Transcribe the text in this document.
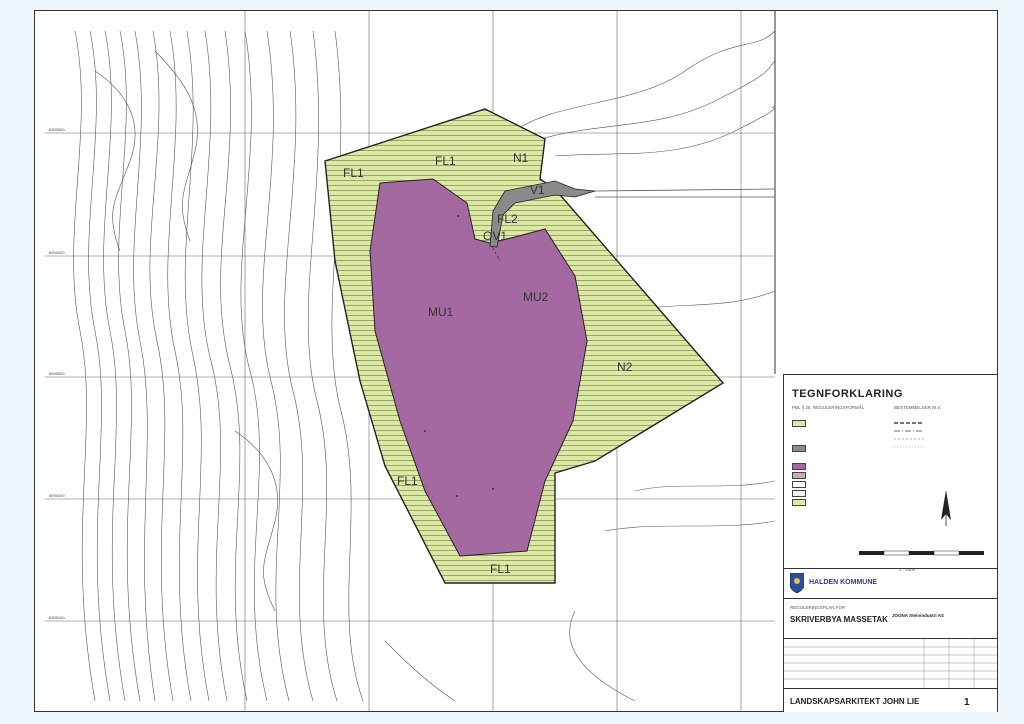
6599500
6599400
6599300
6599200
6599100
MU1
MU2
N1
N2
FL1
FL1
FL1
FL1
FL2
V1
OV1
TEGNFORKLARING
PBL § 25. REGULERINGSFORMÅL	BESTEMMELSER M.V.
1 : 1000
HALDEN KOMMUNE
REGULERINGSPLAN FOR
SKRIVERBYA MASSETAK JOONA Steinindustri AS
LANDSKAPSARKITEKT JOHN LIE	1
